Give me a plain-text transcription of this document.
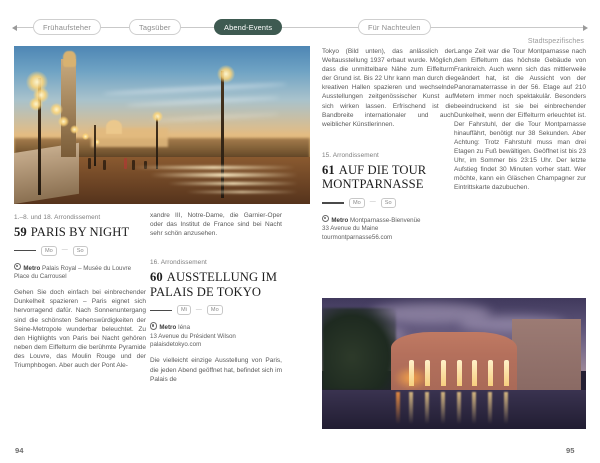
Frühaufsteher	Tagsüber	Abend-Events	Für Nachteulen
Stadtspezifisches
1.–8. und 18. Arrondissement
59 PARIS BY NIGHT
Mo	—	So
Metro Palais Royal – Musée du Louvre
Place du Carrousel

Gehen Sie doch einfach bei einbrechender Dunkelheit spazieren – Paris eignet sich hervorragend dafür. Nach Sonnenuntergang sind die schönsten Sehenswürdigkeiten der Seine-Metropole wunderbar beleuchtet. Zu den Highlights von Paris bei Nacht gehören neben dem Eiffelturm die berühmte Pyramide des Louvre, das Moulin Rouge und der Triumphbogen. Aber auch der Pont Ale-

xandre III, Notre-Dame, die Garnier-Oper oder das Institut de France sind bei Nacht sehr schön anzusehen.

16. Arrondissement
60 AUSSTELLUNG IM PALAIS DE TOKYO
Mi	—	Mo
Metro Iéna
13 Avenue du Président Wilson
palaisdetokyo.com

Die vielleicht einzige Ausstellung von Paris, die jeden Abend geöffnet hat, befindet sich im Palais de

Tokyo (Bild unten), das anlässlich der Weltausstellung 1937 erbaut wurde. Möglich, dass die unmittelbare Nähe zum Eiffelturm der Grund ist. Bis 22 Uhr kann man durch die kreativen Hallen spazieren und wechselnde Ausstellungen zeitgenössischer Kunst auf sich wirken lassen. Erfrischend ist die Bandbreite internationaler und auch weiblicher Künstlerinnen.

15. Arrondissement
61 AUF DIE TOUR MONTPARNASSE
Mo	—	So
Metro Montparnasse-Bienvenüe
33 Avenue du Maine
tourmontparnasse56.com

Lange Zeit war die Tour Montparnasse nach dem Eiffelturm das höchste Gebäude von Frankreich. Auch wenn sich das mittlerweile geändert hat, ist die Aussicht von der Panoramaterrasse in der 56. Etage auf 210 Metern immer noch spektakulär. Besonders beeindruckend ist sie bei einbrechender Dunkelheit, wenn der Eiffelturm erleuchtet ist. Der Fahrstuhl, der die Tour Montparnasse hinauffährt, benötigt nur 38 Sekunden. Aber Achtung: Trotz Fahrstuhl muss man drei Etagen zu Fuß bewältigen. Geöffnet ist bis 23 Uhr, im Sommer bis 23:15 Uhr. Der letzte Aufstieg findet 30 Minuten vorher statt. Wer möchte, kann ein Gläschen Champagner zur Eintrittskarte dazubuchen.

94	95
